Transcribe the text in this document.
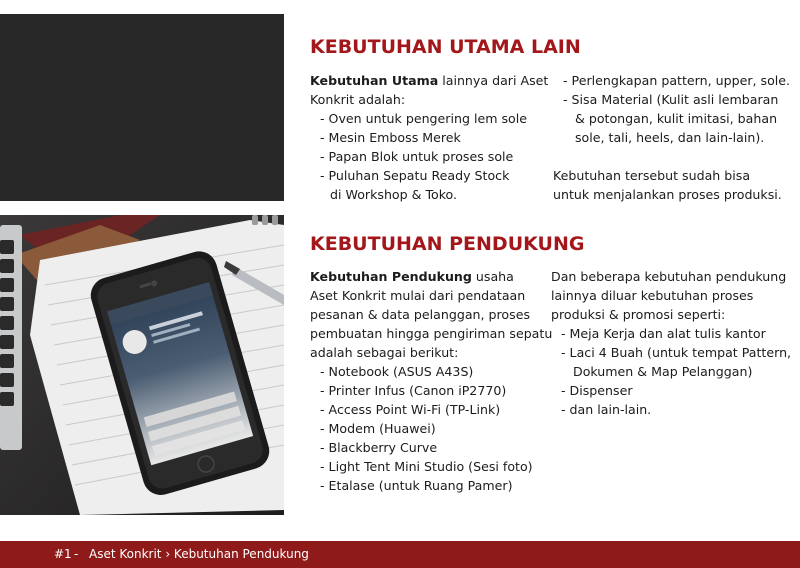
KEBUTUHAN UTAMA LAIN
Kebutuhan Utama lainnya dari Aset
Konkrit adalah:
- Oven untuk pengering lem sole
- Mesin Emboss Merek
- Papan Blok untuk proses sole
- Puluhan Sepatu Ready Stock
di Workshop & Toko.
- Perlengkapan pattern, upper, sole.
- Sisa Material (Kulit asli lembaran
& potongan, kulit imitasi, bahan
sole, tali, heels, dan lain-lain).
Kebutuhan tersebut sudah bisa
untuk menjalankan proses produksi.
KEBUTUHAN PENDUKUNG
Kebutuhan Pendukung usaha
Aset Konkrit mulai dari pendataan
pesanan & data pelanggan, proses
pembuatan hingga pengiriman sepatu
adalah sebagai berikut:
- Notebook (ASUS A43S)
- Printer Infus (Canon iP2770)
- Access Point Wi-Fi (TP-Link)
- Modem (Huawei)
- Blackberry Curve
- Light Tent Mini Studio (Sesi foto)
- Etalase (untuk Ruang Pamer)
Dan beberapa kebutuhan pendukung
lainnya diluar kebutuhan proses
produksi & promosi seperti:
- Meja Kerja dan alat tulis kantor
- Laci 4 Buah (untuk tempat Pattern,
Dokumen & Map Pelanggan)
- Dispenser
- dan lain-lain.
#1 - Aset Konkrit › Kebutuhan Pendukung
